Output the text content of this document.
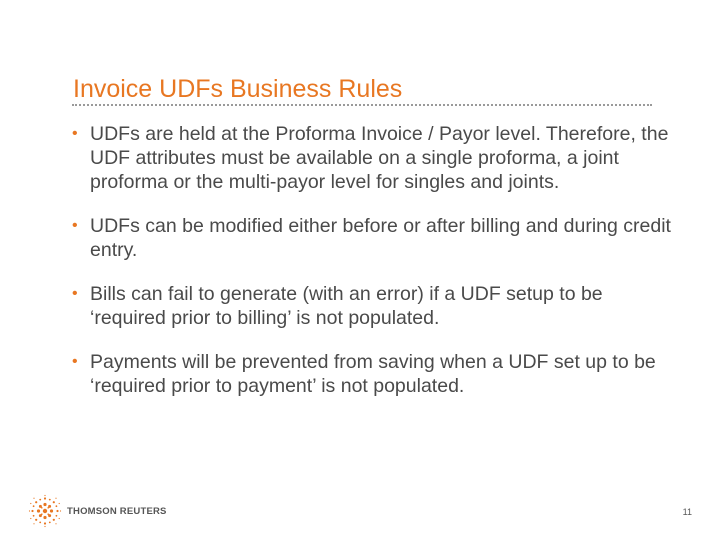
Invoice UDFs Business Rules
• UDFs are held at the Proforma Invoice / Payor level. Therefore, the UDF attributes must be available on a single proforma, a joint proforma or the multi-payor level for singles and joints.
• UDFs can be modified either before or after billing and during credit entry.
• Bills can fail to generate (with an error) if a UDF setup to be ‘required prior to billing’ is not populated.
• Payments will be prevented from saving when a UDF set up to be ‘required prior to payment’ is not populated.
THOMSON REUTERS	11
